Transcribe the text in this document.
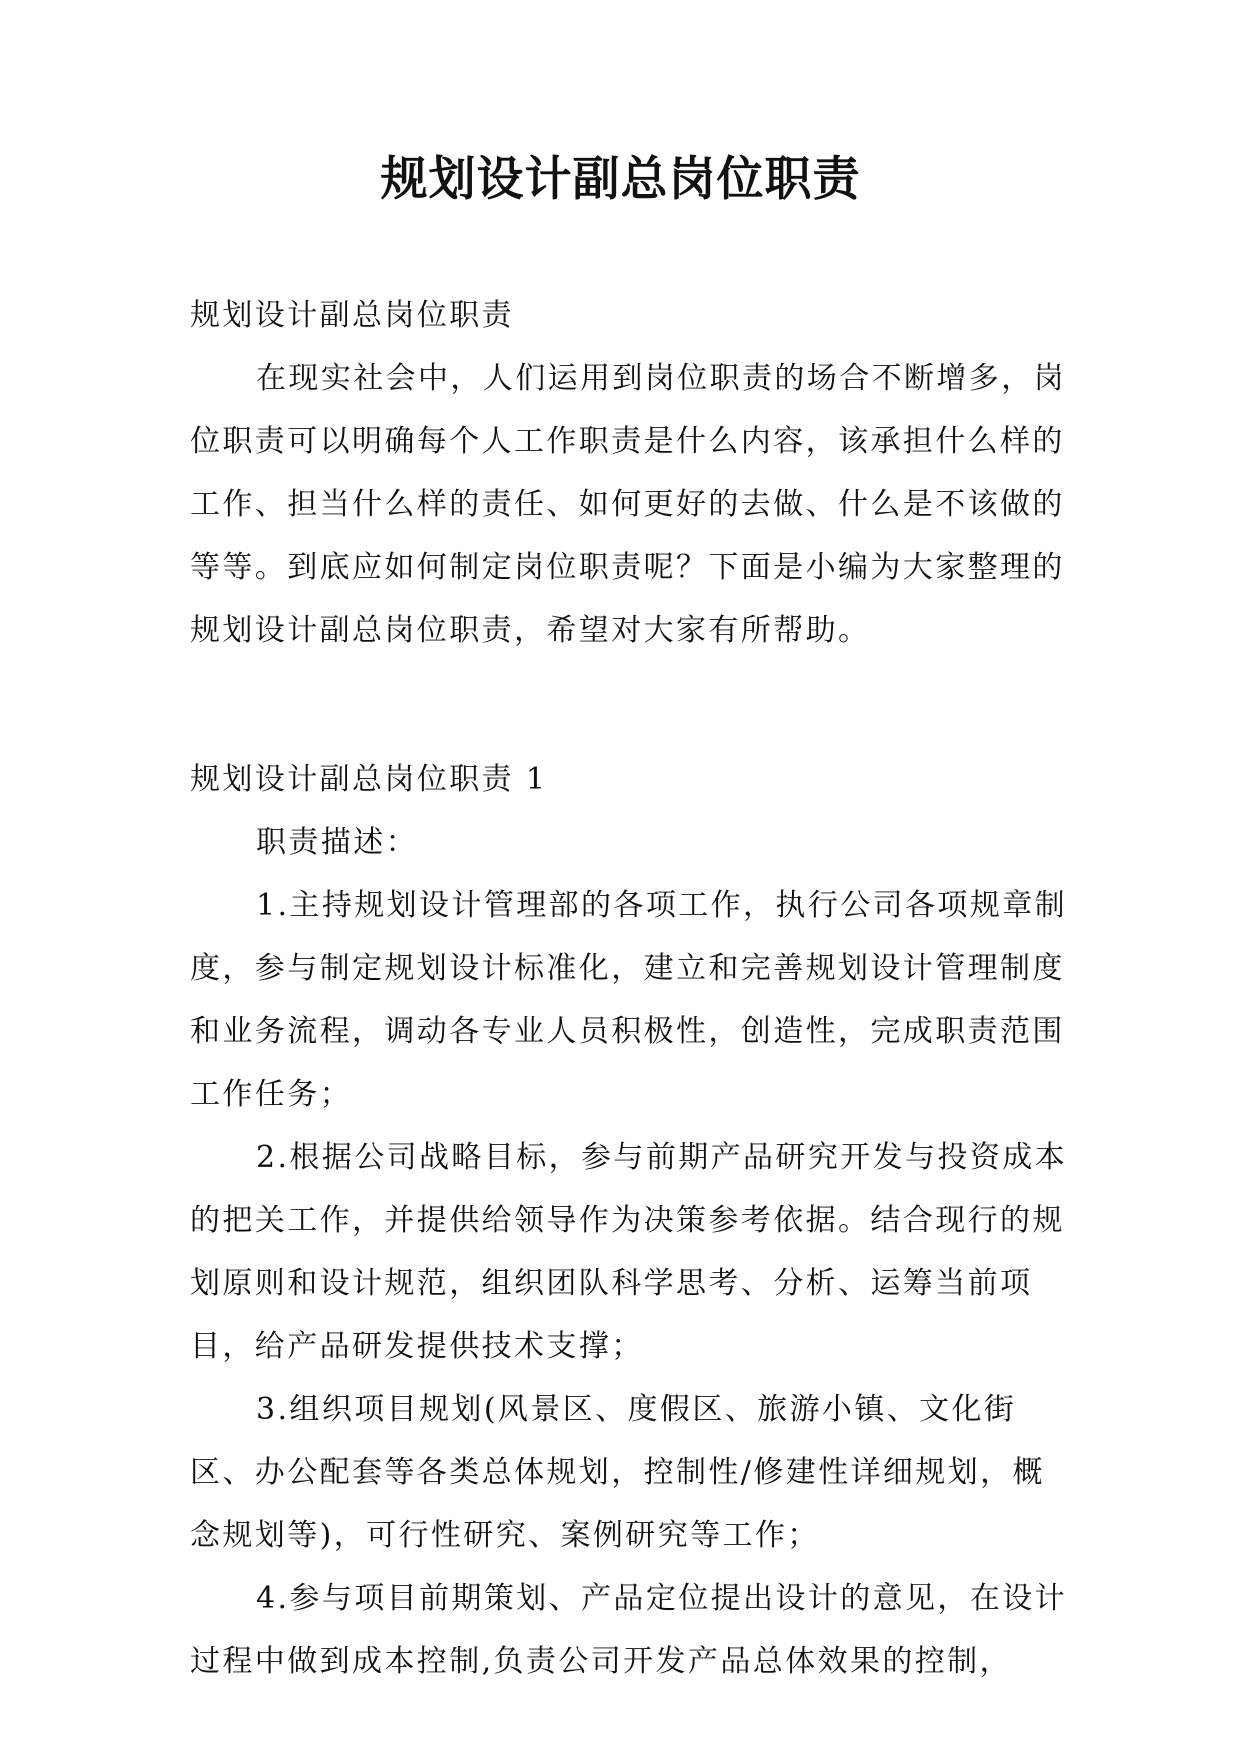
规划设计副总岗位职责

规划设计副总岗位职责

在现实社会中，人们运用到岗位职责的场合不断增多，岗位职责可以明确每个人工作职责是什么内容，该承担什么样的工作、担当什么样的责任、如何更好的去做、什么是不该做的等等。到底应如何制定岗位职责呢？下面是小编为大家整理的规划设计副总岗位职责，希望对大家有所帮助。

规划设计副总岗位职责 1

职责描述：

1.主持规划设计管理部的各项工作，执行公司各项规章制度，参与制定规划设计标准化，建立和完善规划设计管理制度和业务流程，调动各专业人员积极性，创造性，完成职责范围工作任务；

2.根据公司战略目标，参与前期产品研究开发与投资成本的把关工作，并提供给领导作为决策参考依据。结合现行的规划原则和设计规范，组织团队科学思考、分析、运筹当前项目，给产品研发提供技术支撑；

3.组织项目规划(风景区、度假区、旅游小镇、文化街区、办公配套等各类总体规划，控制性/修建性详细规划，概念规划等)，可行性研究、案例研究等工作；

4.参与项目前期策划、产品定位提出设计的意见，在设计过程中做到成本控制,负责公司开发产品总体效果的控制，
